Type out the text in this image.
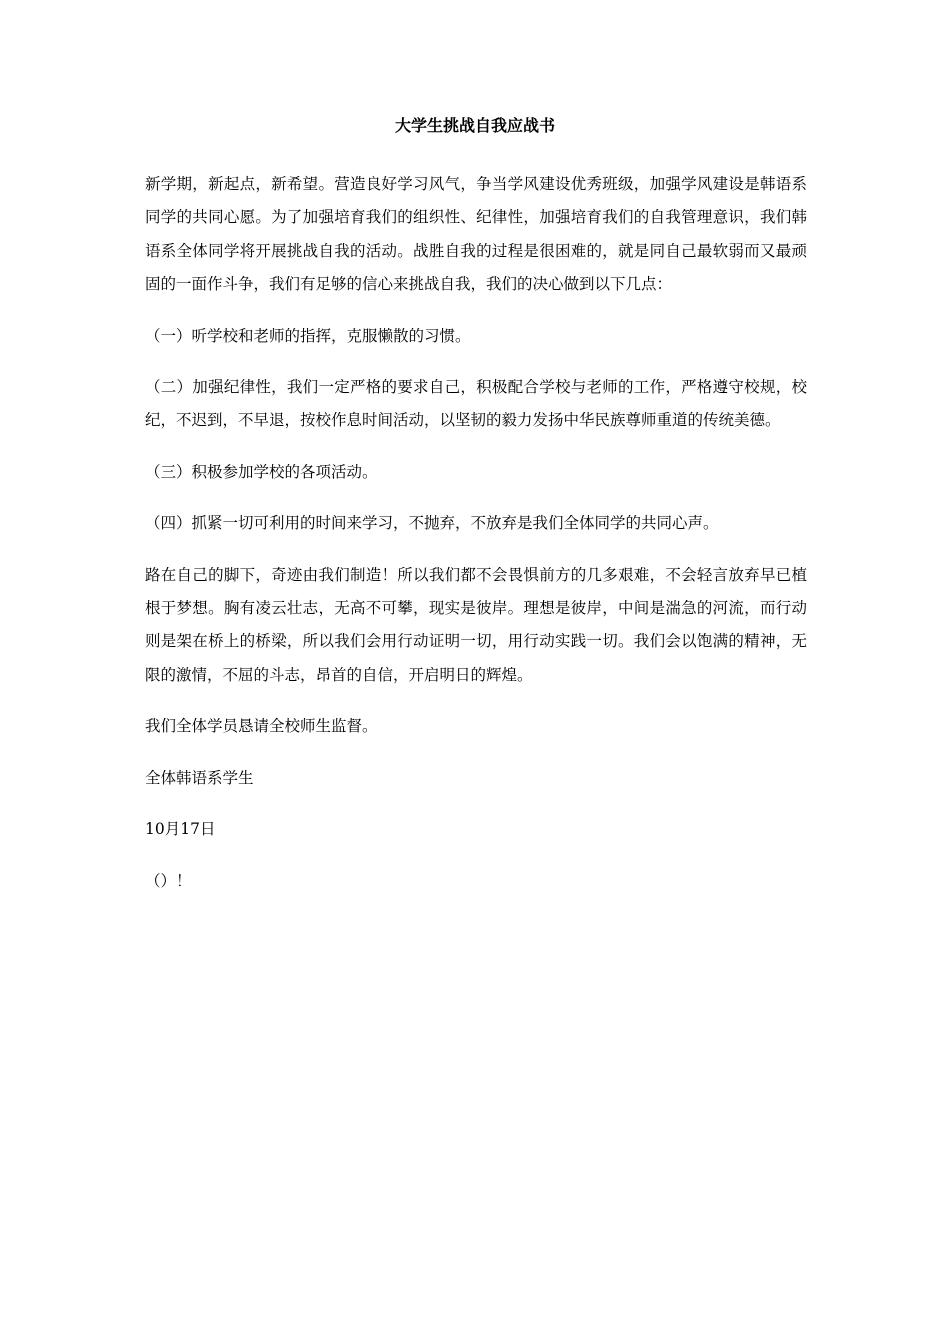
大学生挑战自我应战书

新学期，新起点，新希望。营造良好学习风气，争当学风建设优秀班级，加强学风建设是韩语系同学的共同心愿。为了加强培育我们的组织性、纪律性，加强培育我们的自我管理意识，我们韩语系全体同学将开展挑战自我的活动。战胜自我的过程是很困难的，就是同自己最软弱而又最顽固的一面作斗争，我们有足够的信心来挑战自我，我们的决心做到以下几点：

（一）听学校和老师的指挥，克服懒散的习惯。

（二）加强纪律性，我们一定严格的要求自己，积极配合学校与老师的工作，严格遵守校规，校纪，不迟到，不早退，按校作息时间活动，以坚韧的毅力发扬中华民族尊师重道的传统美德。

（三）积极参加学校的各项活动。

（四）抓紧一切可利用的时间来学习，不抛弃，不放弃是我们全体同学的共同心声。

路在自己的脚下，奇迹由我们制造！所以我们都不会畏惧前方的几多艰难，不会轻言放弃早已植根于梦想。胸有凌云壮志，无高不可攀，现实是彼岸。理想是彼岸，中间是湍急的河流，而行动则是架在桥上的桥梁，所以我们会用行动证明一切，用行动实践一切。我们会以饱满的精神，无限的激情，不屈的斗志，昂首的自信，开启明日的辉煌。

我们全体学员恳请全校师生监督。

全体韩语系学生

10月17日

（）！
